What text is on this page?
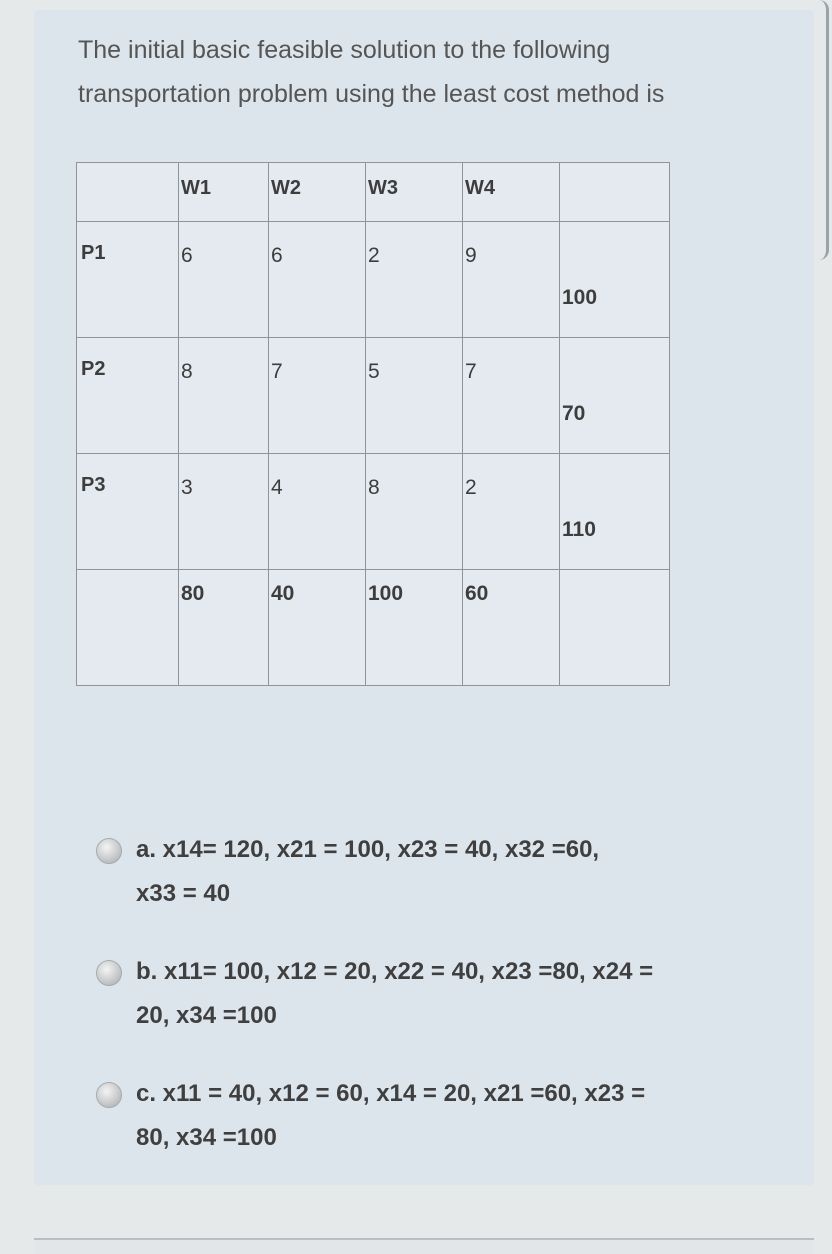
The initial basic feasible solution to the following transportation problem using the least cost method is

	W1	W2	W3	W4	

P1	6	6	2	9	100

P2	8	7	5	7	70

P3	3	4	8	2	110

	80	40	100	60	

a. x14= 120, x21 = 100, x23 = 40, x32 =60,
x33 = 40
b. x11= 100, x12 = 20, x22 = 40, x23 =80, x24 =
20, x34 =100
c. x11 = 40, x12 = 60, x14 = 20, x21 =60, x23 =
80, x34 =100
